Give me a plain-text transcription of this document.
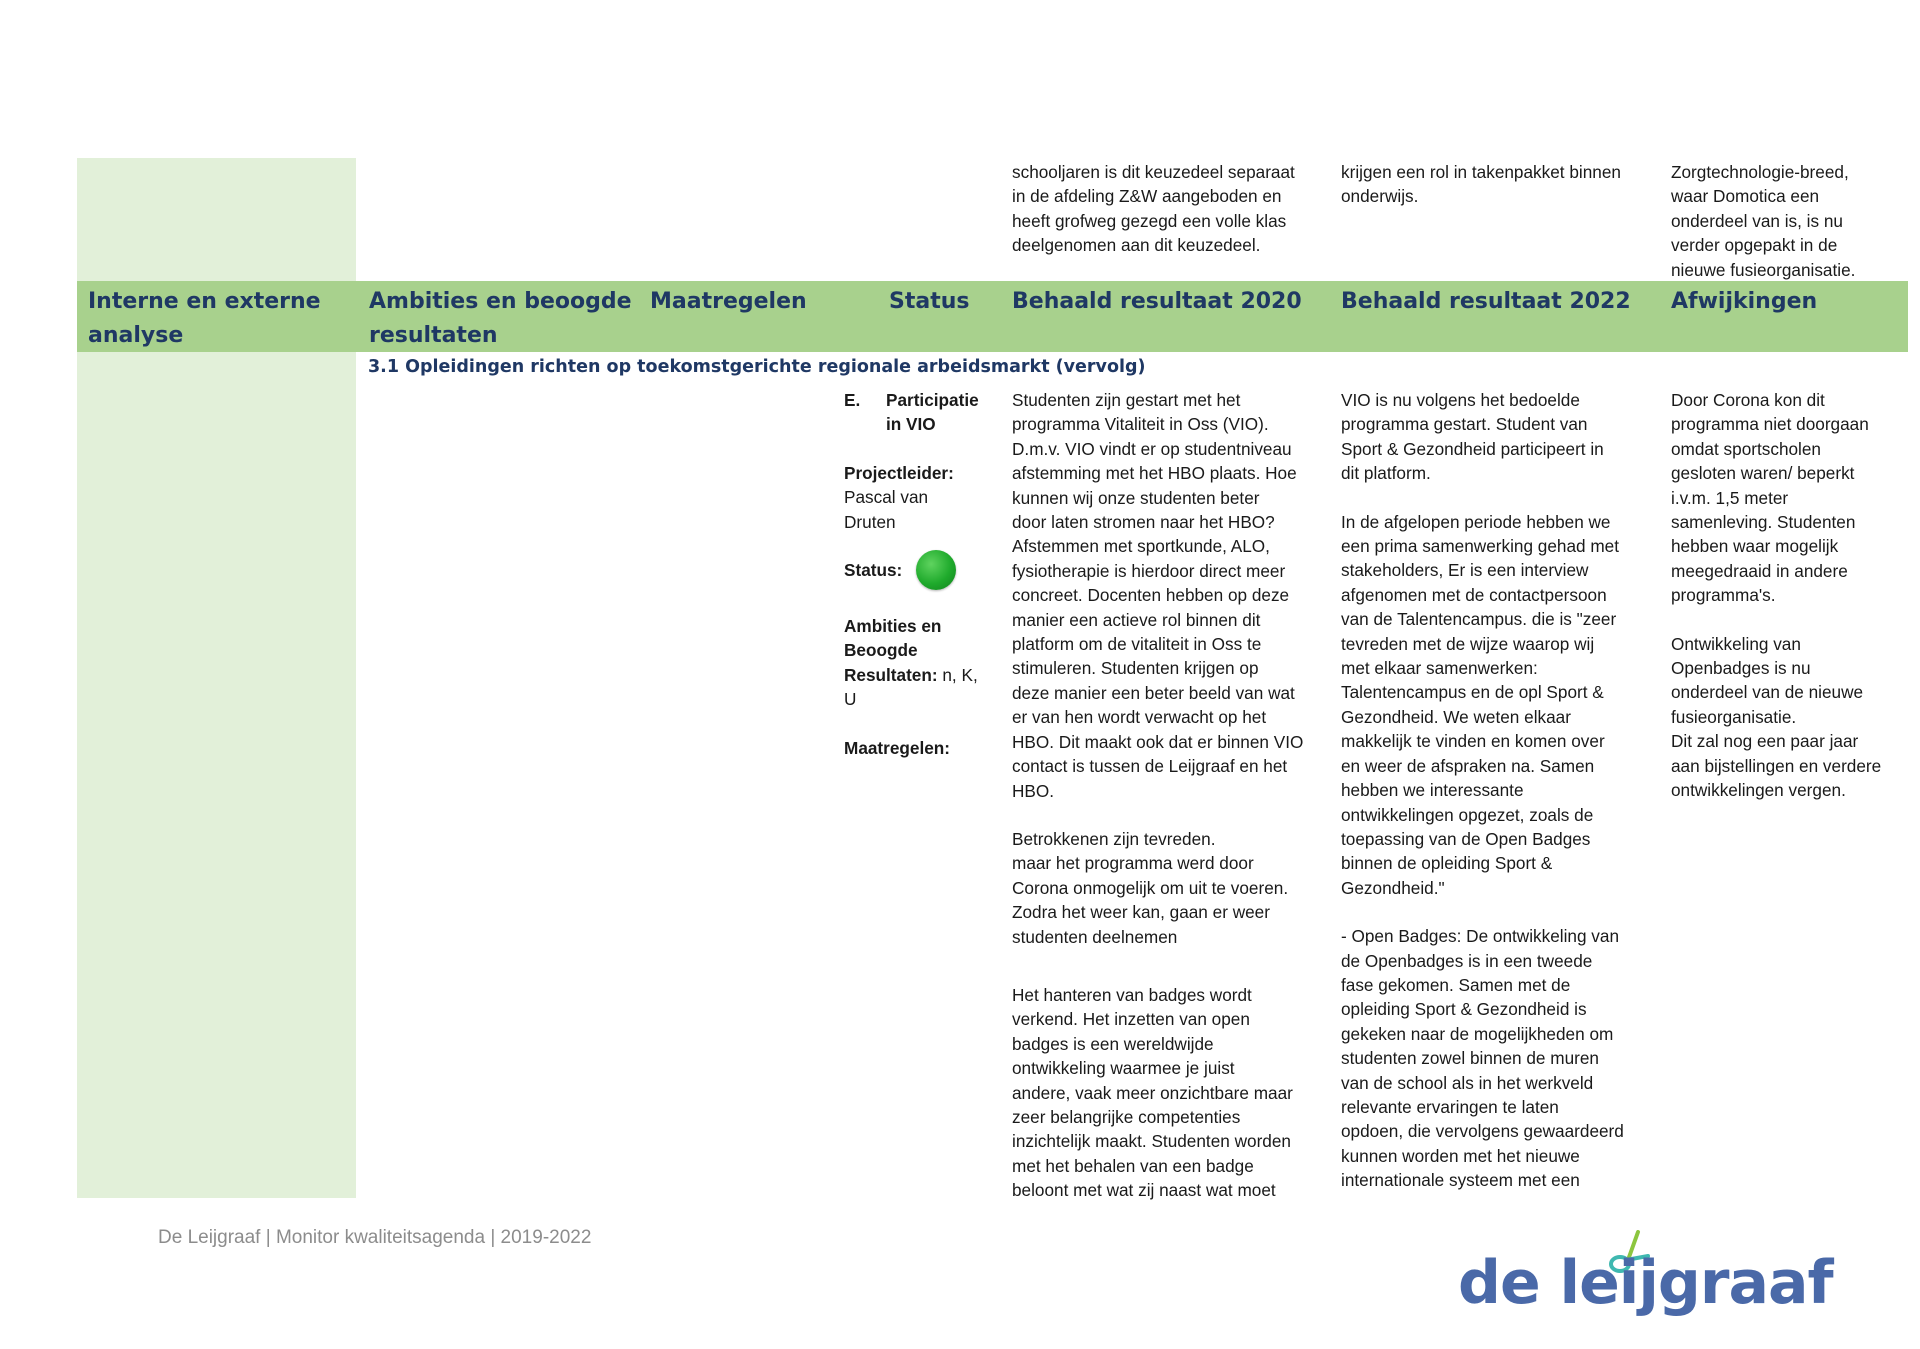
schooljaren is dit keuzedeel separaat
in de afdeling Z&W aangeboden en
heeft grofweg gezegd een volle klas
deelgenomen aan dit keuzedeel.

krijgen een rol in takenpakket binnen
onderwijs.

Zorgtechnologie-breed,
waar Domotica een
onderdeel van is, is nu
verder opgepakt in de
nieuwe fusieorganisatie.

Interne en externe
analyse
Ambities en beoogde
resultaten
Maatregelen	Status Behaald resultaat 2020 Behaald resultaat 2022 Afwijkingen
3.1 Opleidingen richten op toekomstgerichte regionale arbeidsmarkt (vervolg)
E.	Participatie
in VIO
Projectleider:
Pascal van
Druten
Status:
Ambities en
Beoogde
Resultaten: n, K,
U
Maatregelen:

Studenten zijn gestart met het
programma Vitaliteit in Oss (VIO).
D.m.v. VIO vindt er op studentniveau
afstemming met het HBO plaats. Hoe
kunnen wij onze studenten beter
door laten stromen naar het HBO?
Afstemmen met sportkunde, ALO,
fysiotherapie is hierdoor direct meer
concreet. Docenten hebben op deze
manier een actieve rol binnen dit
platform om de vitaliteit in Oss te
stimuleren. Studenten krijgen op
deze manier een beter beeld van wat
er van hen wordt verwacht op het
HBO. Dit maakt ook dat er binnen VIO
contact is tussen de Leijgraaf en het
HBO.

Betrokkenen zijn tevreden.
maar het programma werd door
Corona onmogelijk om uit te voeren.
Zodra het weer kan, gaan er weer
studenten deelnemen

Het hanteren van badges wordt
verkend. Het inzetten van open
badges is een wereldwijde
ontwikkeling waarmee je juist
andere, vaak meer onzichtbare maar
zeer belangrijke competenties
inzichtelijk maakt. Studenten worden
met het behalen van een badge
beloont met wat zij naast wat moet

VIO is nu volgens het bedoelde
programma gestart. Student van
Sport & Gezondheid participeert in
dit platform.

In de afgelopen periode hebben we
een prima samenwerking gehad met
stakeholders, Er is een interview
afgenomen met de contactpersoon
van de Talentencampus. die is "zeer
tevreden met de wijze waarop wij
met elkaar samenwerken:
Talentencampus en de opl Sport &
Gezondheid. We weten elkaar
makkelijk te vinden en komen over
en weer de afspraken na. Samen
hebben we interessante
ontwikkelingen opgezet, zoals de
toepassing van de Open Badges
binnen de opleiding Sport &
Gezondheid."

- Open Badges: De ontwikkeling van
de Openbadges is in een tweede
fase gekomen. Samen met de
opleiding Sport & Gezondheid is
gekeken naar de mogelijkheden om
studenten zowel binnen de muren
van de school als in het werkveld
relevante ervaringen te laten
opdoen, die vervolgens gewaardeerd
kunnen worden met het nieuwe
internationale systeem met een

Door Corona kon dit
programma niet doorgaan
omdat sportscholen
gesloten waren/ beperkt
i.v.m. 1,5 meter
samenleving. Studenten
hebben waar mogelijk
meegedraaid in andere
programma's.

Ontwikkeling van
Openbadges is nu
onderdeel van de nieuwe
fusieorganisatie.
Dit zal nog een paar jaar
aan bijstellingen en verdere
ontwikkelingen vergen.

De Leijgraaf | Monitor kwaliteitsagenda | 2019-2022
de leijgraaf
